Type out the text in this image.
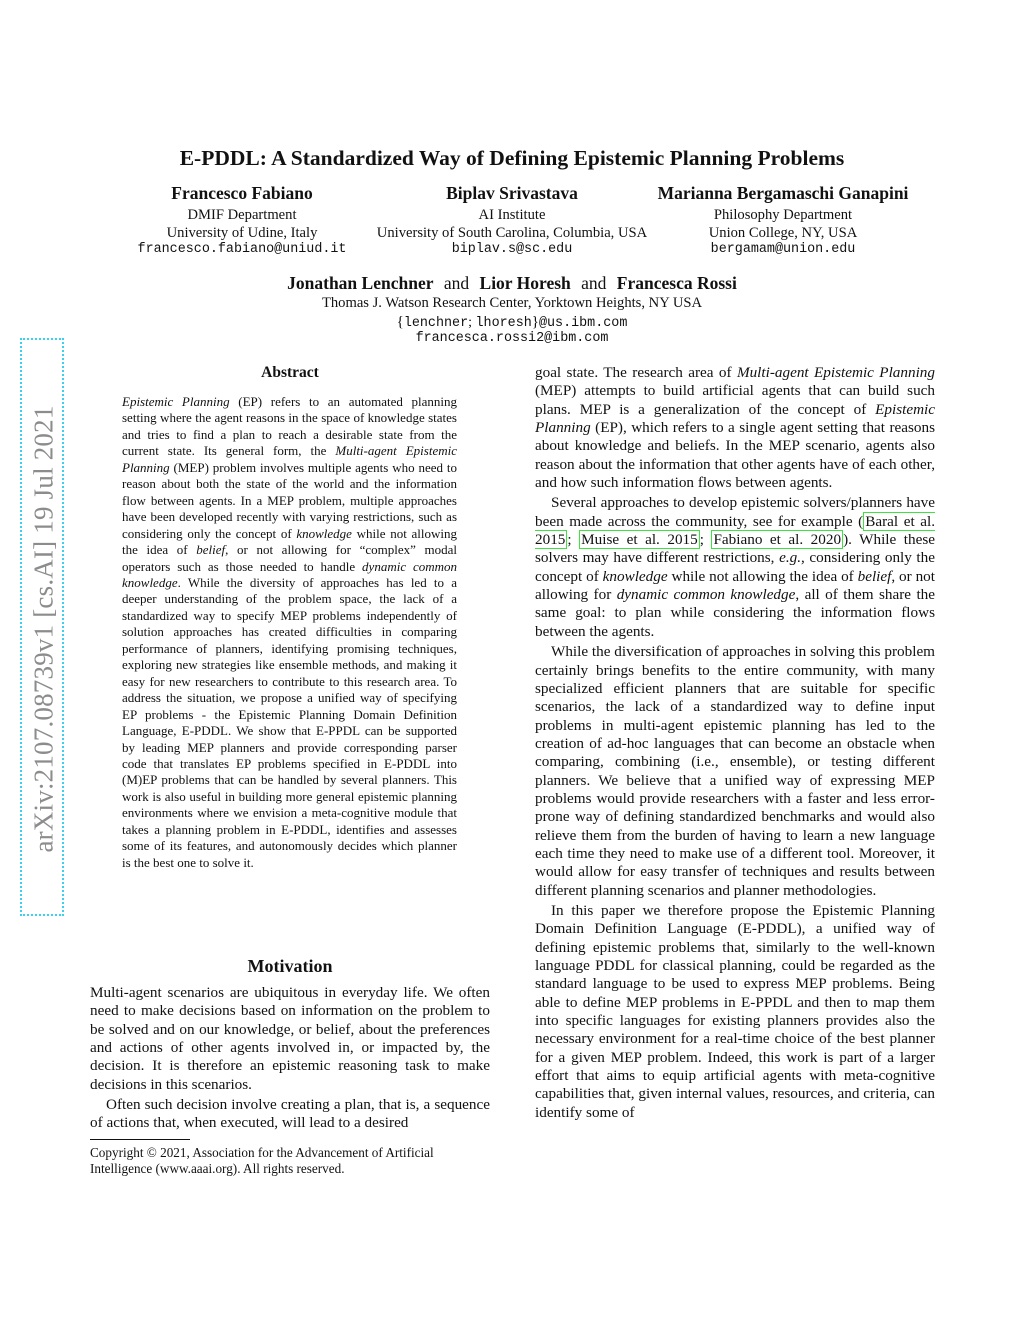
E-PDDL: A Standardized Way of Defining Epistemic Planning Problems
Francesco Fabiano
DMIF Department
University of Udine, Italy
francesco.fabiano@uniud.it
Biplav Srivastava
AI Institute
University of South Carolina, Columbia, USA
biplav.s@sc.edu
Marianna Bergamaschi Ganapini
Philosophy Department
Union College, NY, USA
bergamam@union.edu
Jonathan Lenchner and Lior Horesh and Francesca Rossi
Thomas J. Watson Research Center, Yorktown Heights, NY USA
{lenchner; lhoresh}@us.ibm.com
francesca.rossi2@ibm.com
arXiv:2107.08739v1 [cs.AI] 19 Jul 2021
Abstract
Epistemic Planning (EP) refers to an automated planning setting where the agent reasons in the space of knowledge states and tries to find a plan to reach a desirable state from the current state. Its general form, the Multi-agent Epistemic Planning (MEP) problem involves multiple agents who need to reason about both the state of the world and the information flow between agents. In a MEP problem, multiple approaches have been developed recently with varying restrictions, such as considering only the concept of knowledge while not allowing the idea of belief, or not allowing for “complex” modal operators such as those needed to handle dynamic common knowledge. While the diversity of approaches has led to a deeper understanding of the problem space, the lack of a standardized way to specify MEP problems independently of solution approaches has created difficulties in comparing performance of planners, identifying promising techniques, exploring new strategies like ensemble methods, and making it easy for new researchers to contribute to this research area. To address the situation, we propose a unified way of specifying EP problems - the Epistemic Planning Domain Definition Language, E-PDDL. We show that E-PPDL can be supported by leading MEP planners and provide corresponding parser code that translates EP problems specified in E-PDDL into (M)EP problems that can be handled by several planners. This work is also useful in building more general epistemic planning environments where we envision a meta-cognitive module that takes a planning problem in E-PDDL, identifies and assesses some of its features, and autonomously decides which planner is the best one to solve it.
Motivation

Multi-agent scenarios are ubiquitous in everyday life. We often need to make decisions based on information on the problem to be solved and on our knowledge, or belief, about the preferences and actions of other agents involved in, or impacted by, the decision. It is therefore an epistemic reasoning task to make decisions in this scenarios.

Often such decision involve creating a plan, that is, a sequence of actions that, when executed, will lead to a desired

Copyright © 2021, Association for the Advancement of Artificial Intelligence (www.aaai.org). All rights reserved.

goal state. The research area of Multi-agent Epistemic Planning (MEP) attempts to build artificial agents that can build such plans. MEP is a generalization of the concept of Epistemic Planning (EP), which refers to a single agent setting that reasons about knowledge and beliefs. In the MEP scenario, agents also reason about the information that other agents have of each other, and how such information flows between agents.

Several approaches to develop epistemic solvers/planners have been made across the community, see for example ( Baral et al. 2015 ; Muise et al. 2015 ; Fabiano et al. 2020 ). While these solvers may have different restrictions, e.g., considering only the concept of knowledge while not allowing the idea of belief, or not allowing for dynamic common knowledge, all of them share the same goal: to plan while considering the information flows between the agents.

While the diversification of approaches in solving this problem certainly brings benefits to the entire community, with many specialized efficient planners that are suitable for specific scenarios, the lack of a standardized way to define input problems in multi-agent epistemic planning has led to the creation of ad-hoc languages that can become an obstacle when comparing, combining (i.e., ensemble), or testing different planners. We believe that a unified way of expressing MEP problems would provide researchers with a faster and less error-prone way of defining standardized benchmarks and would also relieve them from the burden of having to learn a new language each time they need to make use of a different tool. Moreover, it would allow for easy transfer of techniques and results between different planning scenarios and planner methodologies.

In this paper we therefore propose the Epistemic Planning Domain Definition Language (E-PDDL), a unified way of defining epistemic problems that, similarly to the well-known language PDDL for classical planning, could be regarded as the standard language to be used to express MEP problems. Being able to define MEP problems in E-PPDL and then to map them into specific languages for existing planners provides also the necessary environment for a real-time choice of the best planner for a given MEP problem. Indeed, this work is part of a larger effort that aims to equip artificial agents with meta-cognitive capabilities that, given internal values, resources, and criteria, can identify some of
